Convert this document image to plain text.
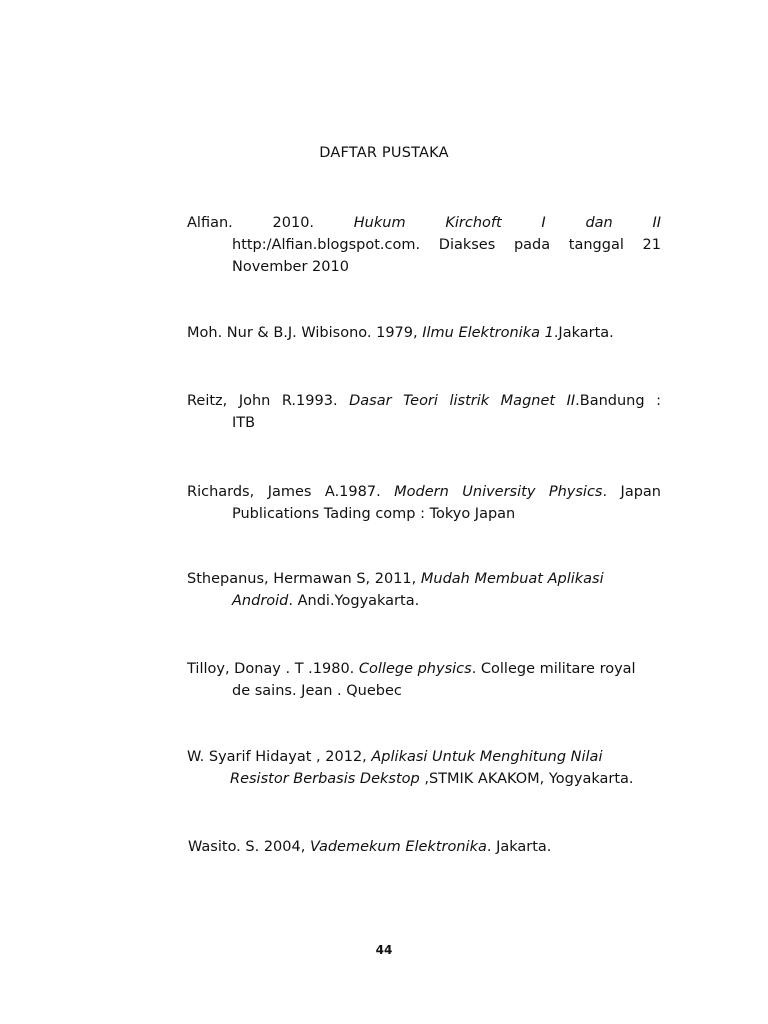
DAFTAR PUSTAKA
Alfian.	2010.	Hukum	Kirchoft	I	dan	II
http:/Alfian.blogspot.com. Diakses pada tanggal 21
November 2010
Moh. Nur & B.J. Wibisono. 1979, Ilmu Elektronika 1.Jakarta.
Reitz, John R.1993. Dasar Teori listrik Magnet II.Bandung :
ITB
Richards, James A.1987. Modern University Physics. Japan
Publications Tading comp : Tokyo Japan
Sthepanus, Hermawan S, 2011, Mudah Membuat Aplikasi
Android. Andi.Yogyakarta.
Tilloy, Donay . T .1980. College physics. College militare royal
de sains. Jean . Quebec
W. Syarif Hidayat , 2012, Aplikasi Untuk Menghitung Nilai
Resistor Berbasis Dekstop ,STMIK AKAKOM, Yogyakarta.
Wasito. S. 2004, Vademekum Elektronika. Jakarta.
44
